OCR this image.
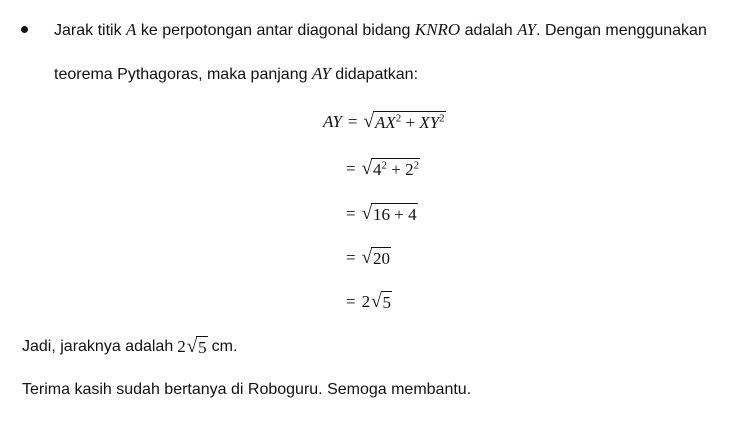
Jarak titik A ke perpotongan antar diagonal bidang KNRO adalah AY. Dengan menggunakan
teorema Pythagoras, maka panjang AY didapatkan:
AY = √ $AX^2 + XY^2$
= √ $4^2 + 2^2$
= √ 16 + 4
= √ 20
= 2 √ 5
Jadi, jaraknya adalah 2 √ 5 cm.
Terima kasih sudah bertanya di Roboguru. Semoga membantu.
